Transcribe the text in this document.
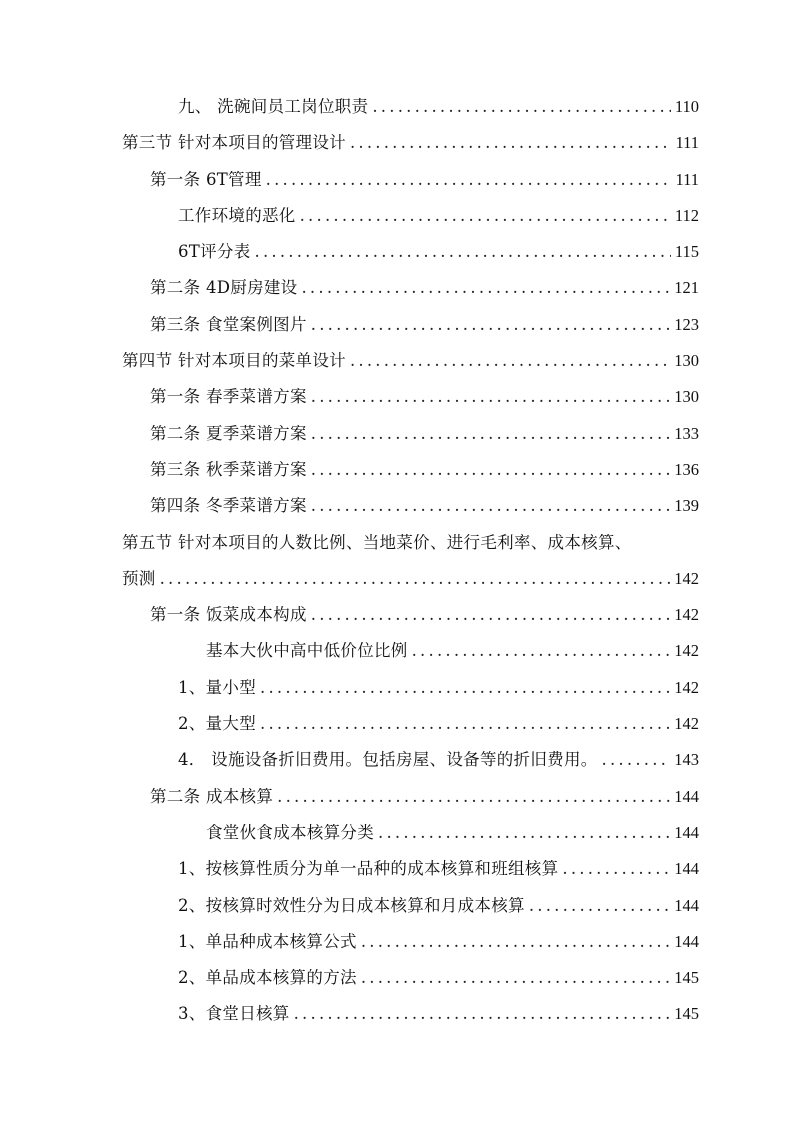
九、 洗碗间员工岗位职责 .....	110
第三节 针对本项目的管理设计 .....	111
第一条 6T管理 .....	111
工作环境的恶化 .....	112
6T评分表 .....	115
第二条 4D厨房建设 .....	121
第三条 食堂案例图片 .....	123
第四节 针对本项目的菜单设计 .....	130
第一条 春季菜谱方案 .....	130
第二条 夏季菜谱方案 .....	133
第三条 秋季菜谱方案 .....	136
第四条 冬季菜谱方案 .....	139
第五节 针对本项目的人数比例、当地菜价、进行毛利率、成本核算、
预测 .....	142
第一条 饭菜成本构成 .....	142
基本大伙中高中低价位比例 .....	142
1、量小型 .....	142
2、量大型 .....	142
4． 设施设备折旧费用。包括房屋、设备等的折旧费用。 .....	143
第二条 成本核算 .....	144
食堂伙食成本核算分类 .....	144
1、按核算性质分为单一品种的成本核算和班组核算 .....	144
2、按核算时效性分为日成本核算和月成本核算 .....	144
1、单品种成本核算公式 .....	144
2、单品成本核算的方法 .....	145
3、食堂日核算 .....	145
